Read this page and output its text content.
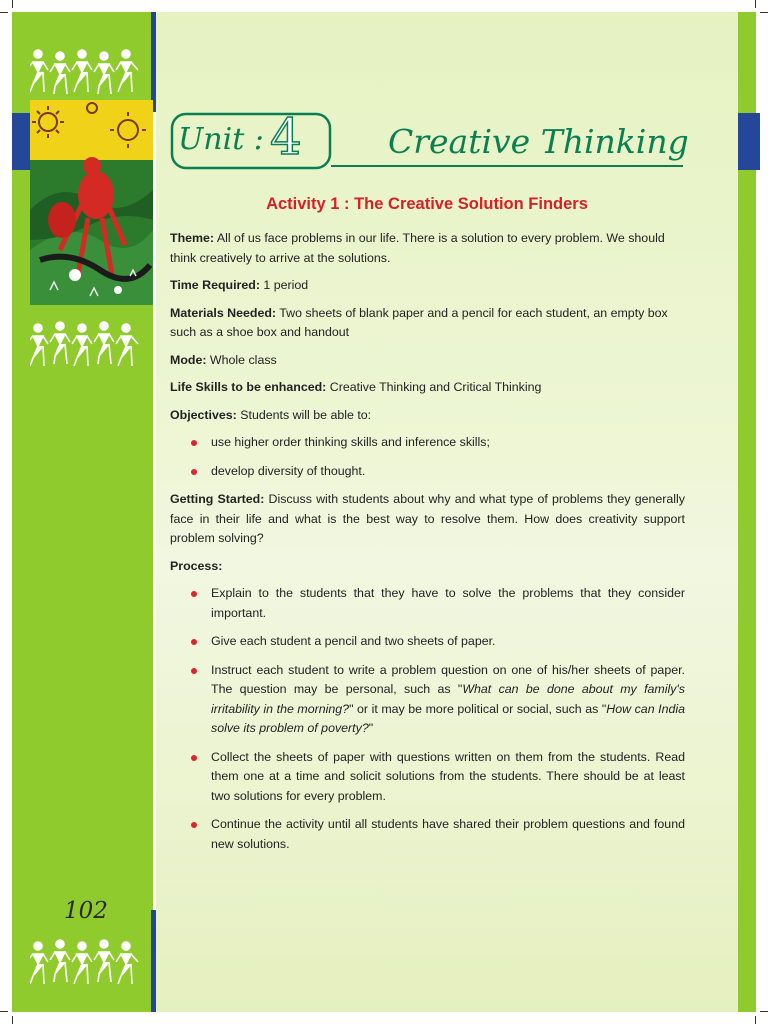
102
Unit : 4	Creative Thinking
Activity 1 : The Creative Solution Finders

Theme: All of us face problems in our life. There is a solution to every problem. We should think creatively to arrive at the solutions.

Time Required: 1 period

Materials Needed: Two sheets of blank paper and a pencil for each student, an empty box such as a shoe box and handout

Mode: Whole class

Life Skills to be enhanced: Creative Thinking and Critical Thinking

Objectives: Students will be able to:

use higher order thinking skills and inference skills;
develop diversity of thought.

Getting Started: Discuss with students about why and what type of problems they generally face in their life and what is the best way to resolve them. How does creativity support problem solving?

Process:

Explain to the students that they have to solve the problems that they consider important.
Give each student a pencil and two sheets of paper.
Instruct each student to write a problem question on one of his/her sheets of paper. The question may be personal, such as "What can be done about my family's irritability in the morning?" or it may be more political or social, such as "How can India solve its problem of poverty?"
Collect the sheets of paper with questions written on them from the students. Read them one at a time and solicit solutions from the students. There should be at least two solutions for every problem.
Continue the activity until all students have shared their problem questions and found new solutions.
